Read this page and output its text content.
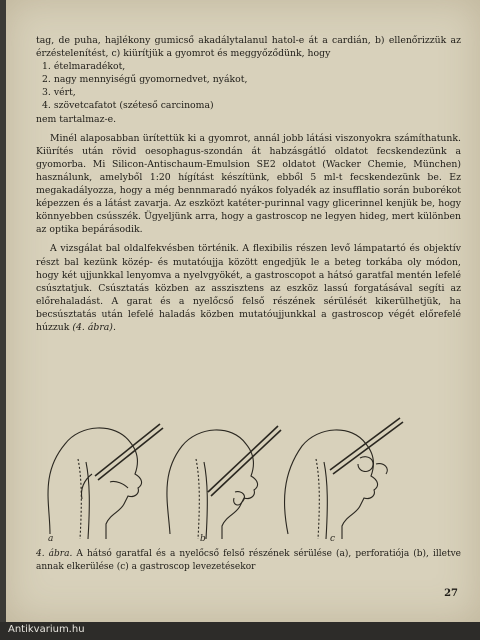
tag, de puha, hajlékony gumicső akadálytalanul hatol-e át a cardián, b) ellenőrizzük az érzéstelenítést, c) kiürítjük a gyomrot és meggyőződünk, hogy

1. ételmaradékot,
2. nagy mennyiségű gyomornedvet, nyákot,
3. vért,
4. szövetcafatot (széteső carcinoma)

nem tartalmaz-e.

Minél alaposabban ürítettük ki a gyomrot, annál jobb látási viszonyokra számíthatunk. Kiürítés után rövid oesophagus-szondán át habzásgátló oldatot fecskendezünk a gyomorba. Mi Silicon-Antischaum-Emulsion SE2 oldatot (Wacker Chemie, München) használunk, amelyből 1:20 hígítást készítünk, ebből 5 ml-t fecskendezünk be. Ez megakadályozza, hogy a még bennmaradó nyákos folyadék az insufflatio során buborékot képezzen és a látást zavarja. Az eszközt katéter-purinnal vagy glicerinnel kenjük be, hogy könnyebben csússzék. Ügyeljünk arra, hogy a gastroscop ne legyen hideg, mert különben az optika bepárásodik.

A vizsgálat bal oldalfekvésben történik. A flexibilis részen levő lámpatartó és objektív részt bal kezünk közép- és mutatóujja között engedjük le a beteg torkába oly módon, hogy két ujjunkkal lenyomva a nyelvgyökét, a gastroscopot a hátsó garatfal mentén lefelé csúsztatjuk. Csúsztatás közben az asszisztens az eszköz lassú forgatásával segíti az előrehaladást. A garat és a nyelőcső felső részének sérülését kikerülhetjük, ha becsúsztatás után lefelé haladás közben mutatóujjunkkal a gastroscop végét előrefelé húzzuk (4. ábra).

a	b	c
4. ábra. A hátsó garatfal és a nyelőcső felső részének sérülése (a), perforatiója (b), illetve annak elkerülése (c) a gastroscop levezetésekor
27
Antikvarium.hu
